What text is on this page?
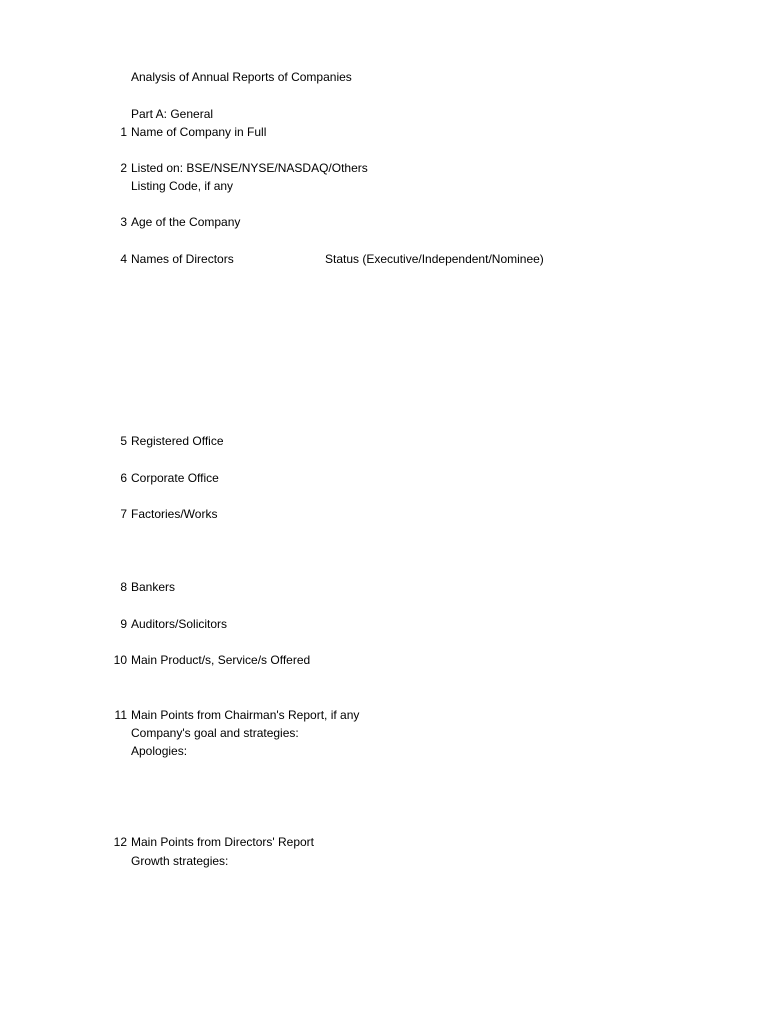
Analysis of Annual Reports of Companies
Part A: General
1 Name of Company in Full
2 Listed on: BSE/NSE/NYSE/NASDAQ/Others
Listing Code, if any
3 Age of the Company
4 Names of Directors	Status (Executive/Independent/Nominee)
5 Registered Office
6 Corporate Office
7 Factories/Works
8 Bankers
9 Auditors/Solicitors
10 Main Product/s, Service/s Offered
11 Main Points from Chairman's Report, if any
Company's goal and strategies:
Apologies:
12 Main Points from Directors' Report
Growth strategies:
